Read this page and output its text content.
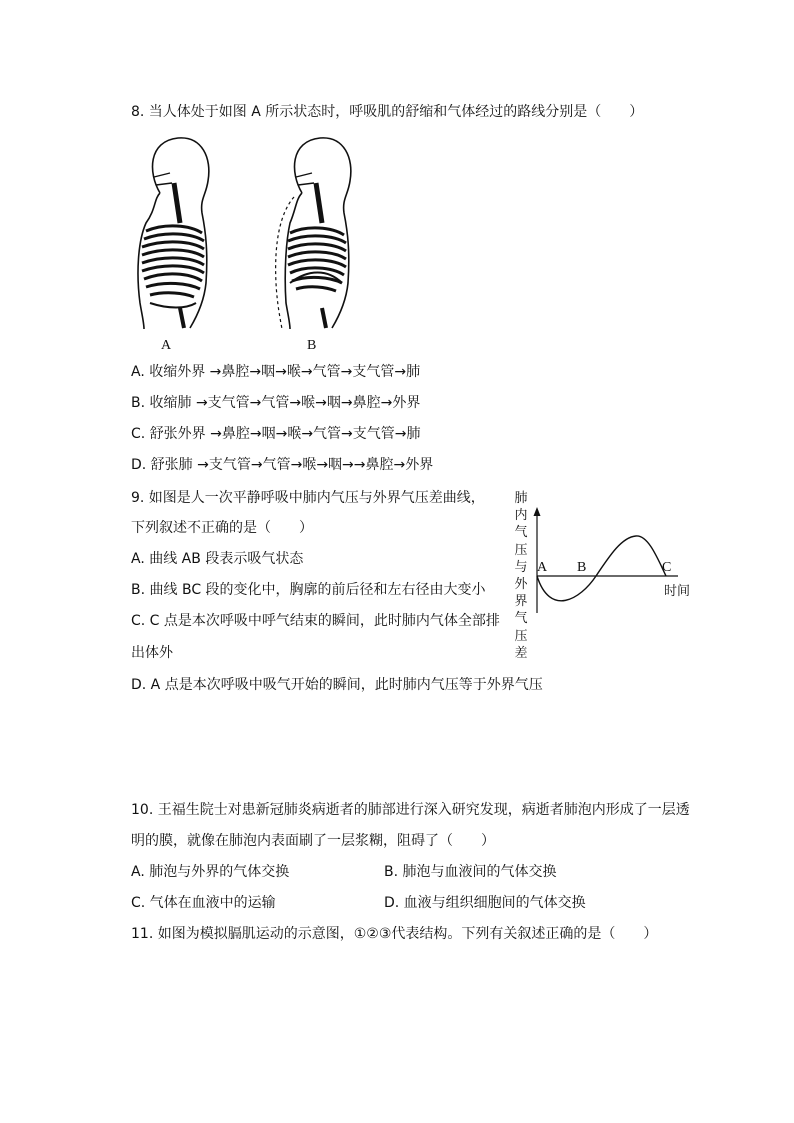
8. 当人体处于如图 A 所示状态时，呼吸肌的舒缩和气体经过的路线分别是（　　）
A	B
A. 收缩外界 →鼻腔→咽→喉→气管→支气管→肺
B. 收缩肺 →支气管→气管→喉→咽→鼻腔→外界
C. 舒张外界 →鼻腔→咽→喉→气管→支气管→肺
D. 舒张肺 →支气管→气管→喉→咽→→鼻腔→外界
9. 如图是人一次平静呼吸中肺内气压与外界气压差曲线，
下列叙述不正确的是（　　）
A. 曲线 AB 段表示吸气状态
B. 曲线 BC 段的变化中，胸廓的前后径和左右径由大变小
C. C 点是本次呼吸中呼气结束的瞬间，此时肺内气体全部排
出体外
D. A 点是本次呼吸中吸气开始的瞬间，此时肺内气压等于外界气压
肺内气压与外界气压差
A B	C
时间
10. 王福生院士对患新冠肺炎病逝者的肺部进行深入研究发现，病逝者肺泡内形成了一层透
明的膜，就像在肺泡内表面刷了一层浆糊，阻碍了（　　）
A. 肺泡与外界的气体交换	B. 肺泡与血液间的气体交换
C. 气体在血液中的运输	D. 血液与组织细胞间的气体交换
11. 如图为模拟膈肌运动的示意图，①②③代表结构。下列有关叙述正确的是（　　）
